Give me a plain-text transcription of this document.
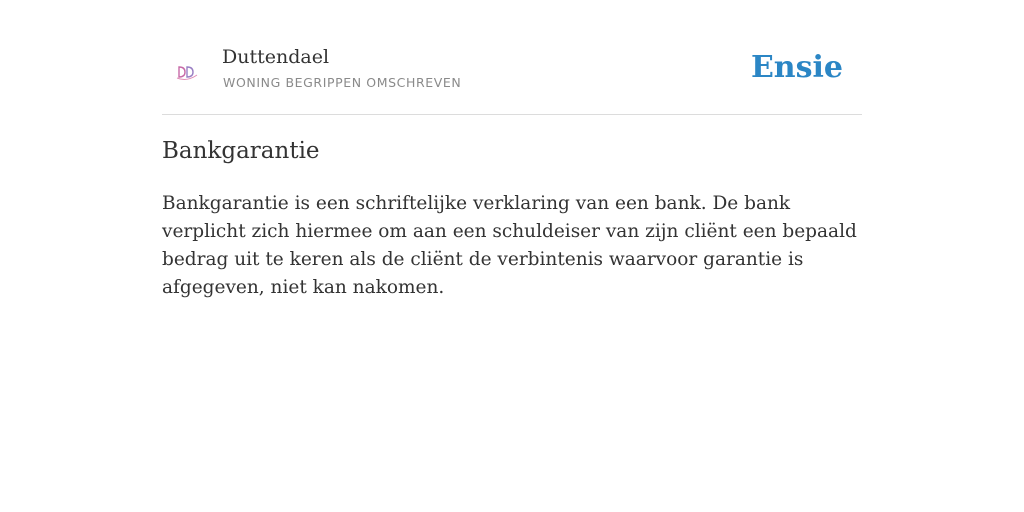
Duttendael
WONING BEGRIPPEN OMSCHREVEN	Ensie
Bankgarantie

Bankgarantie is een schriftelijke verklaring van een bank. De bank verplicht zich hiermee om aan een schuldeiser van zijn cliënt een bepaald bedrag uit te keren als de cliënt de verbintenis waarvoor garantie is afgegeven, niet kan nakomen.
